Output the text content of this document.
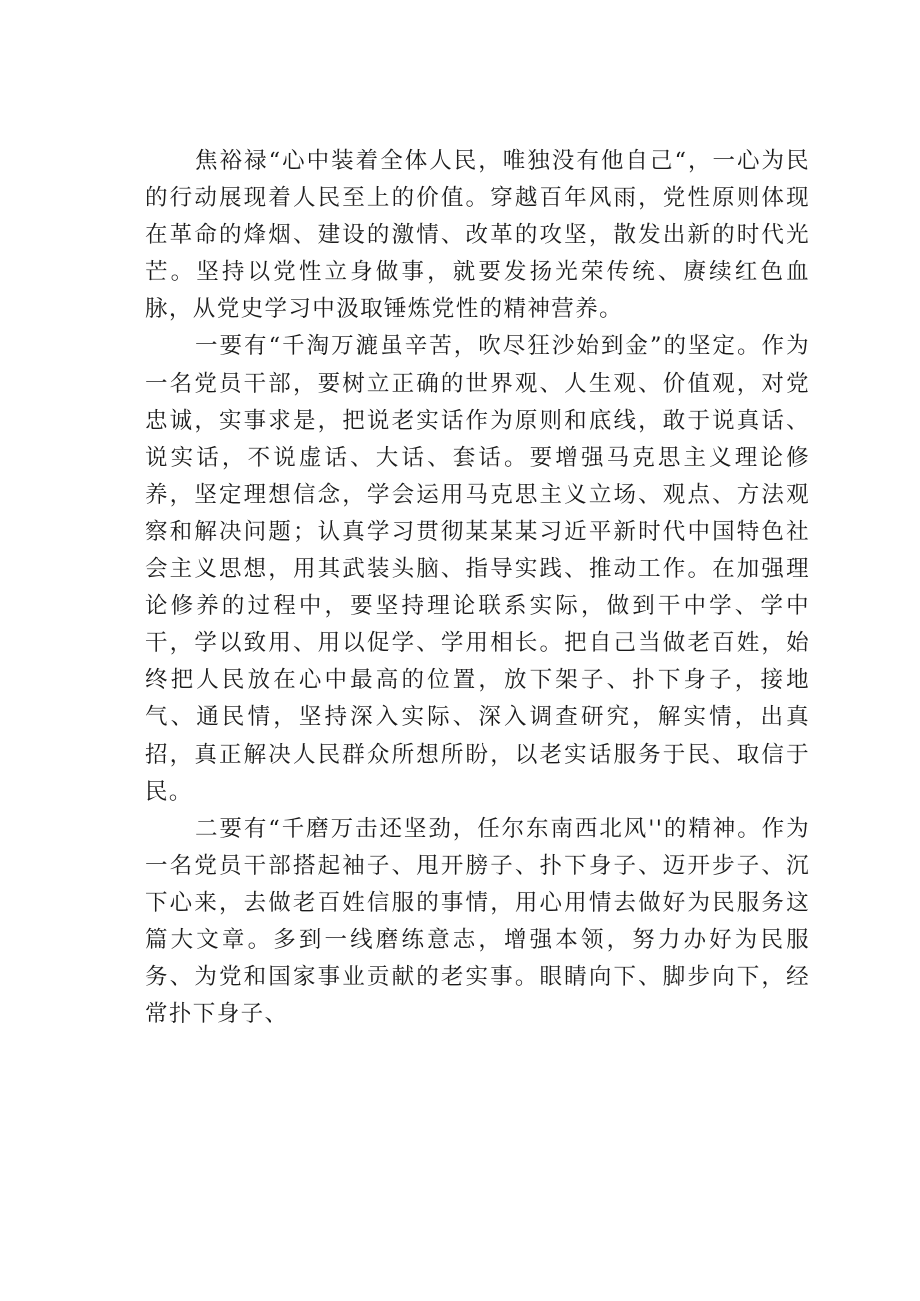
焦裕禄“心中装着全体人民，唯独没有他自己“，一心为民的行动展现着人民至上的价值。穿越百年风雨，党性原则体现在革命的烽烟、建设的激情、改革的攻坚，散发出新的时代光芒。坚持以党性立身做事，就要发扬光荣传统、赓续红色血脉，从党史学习中汲取锤炼党性的精神营养。

一要有“千淘万漉虽辛苦，吹尽狂沙始到金”的坚定。作为一名党员干部，要树立正确的世界观、人生观、价值观，对党忠诚，实事求是，把说老实话作为原则和底线，敢于说真话、说实话，不说虚话、大话、套话。要增强马克思主义理论修养，坚定理想信念，学会运用马克思主义立场、观点、方法观察和解决问题；认真学习贯彻某某某习近平新时代中国特色社会主义思想，用其武装头脑、指导实践、推动工作。在加强理论修养的过程中，要坚持理论联系实际，做到干中学、学中干，学以致用、用以促学、学用相长。把自己当做老百姓，始终把人民放在心中最高的位置，放下架子、扑下身子，接地气、通民情，坚持深入实际、深入调查研究，解实情，出真招，真正解决人民群众所想所盼，以老实话服务于民、取信于民。

二要有“千磨万击还坚劲，任尔东南西北风''的精神。作为一名党员干部搭起袖子、甩开膀子、扑下身子、迈开步子、沉下心来，去做老百姓信服的事情，用心用情去做好为民服务这篇大文章。多到一线磨练意志，增强本领，努力办好为民服务、为党和国家事业贡献的老实事。眼睛向下、脚步向下，经常扑下身子、
